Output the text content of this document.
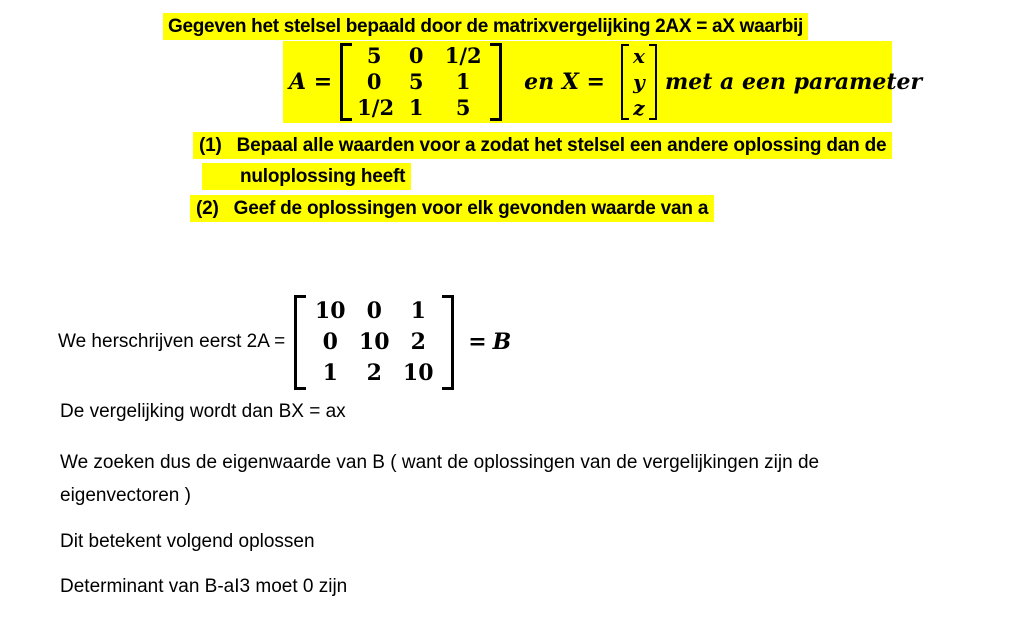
Gegeven het stelsel bepaald door de matrixvergelijking 2AX = aX waarbij
A =
5	0	1/2
0	5	1
1/2 1	5
en X =
x
y
z
met a een parameter
(1) Bepaal alle waarden voor a zodat het stelsel een andere oplossing dan de
nuloplossing heeft
(2) Geef de oplossingen voor elk gevonden waarde van a
We herschrijven eerst 2A =
10 0	1
0 10 2
1	2 10
= B
De vergelijking wordt dan BX = ax
We zoeken dus de eigenwaarde van B ( want de oplossingen van de vergelijkingen zijn de
eigenvectoren )
Dit betekent volgend oplossen
Determinant van B-aI3 moet 0 zijn
